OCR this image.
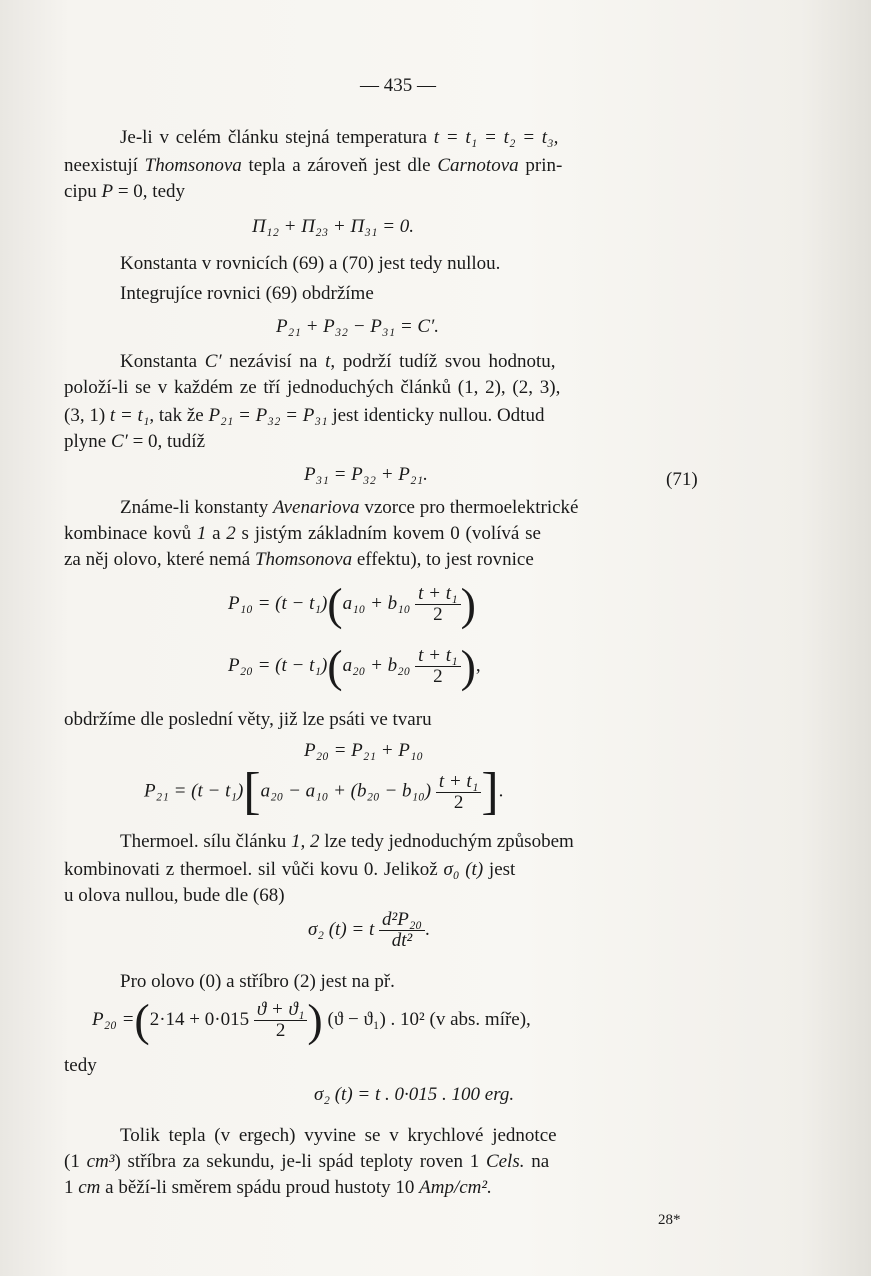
— 435 —
Je-li v celém článku stejná temperatura t = t₁ = t₂ = t₃,
neexistují Thomsonova tepla a zároveň jest dle Carnotova prin-
cipu P = 0, tedy
Π₁₂ + Π₂₃ + Π₃₁ = 0.
Konstanta v rovnicích (69) a (70) jest tedy nullou.
Integrujíce rovnici (69) obdržíme
P₂₁ + P₃₂ − P₃₁ = C′.
Konstanta C′ nezávisí na t, podrží tudíž svou hodnotu,
položí-li se v každém ze tří jednoduchých článků (1, 2), (2, 3),
(3, 1) t = t₁, tak že P₂₁ = P₃₂ = P₃₁ jest identicky nullou. Odtud
plyne C′ = 0, tudíž
P₃₁ = P₃₂ + P₂₁.	(71)
Známe-li konstanty Avenariova vzorce pro thermoelektrické
kombinace kovů 1 a 2 s jistým základním kovem 0 (volívá se
za něj olovo, které nemá Thomsonova effektu), to jest rovnice
$P_{10} = (t - t_1)(a_{10} + b_{10} \frac{\text{t + t₁}}{2}$ )
$P_{20} = (t - t_1)(a_{20} + b_{20} \frac{\text{t + t₁}}{2}$ ),
obdržíme dle poslední věty, již lze psáti ve tvaru
P₂₀ = P₂₁ + P₁₀
$P_{21} = (t - t_1)[a_{20} - a_{10} + (b_{20} - b_{10}) \frac{\text{t + t₁}}{2}$ ].
Thermoel. sílu článku 1, 2 lze tedy jednoduchým způsobem
kombinovati z thermoel. sil vůči kovu 0. Jelikož σ₀ (t) jest
u olova nullou, bude dle (68)
σ₂ (t) = t $\frac{\text{d²P₂₀}}{\text{dt²}}$ .
Pro olovo (0) a stříbro (2) jest na př.
$P_{20} =(2\cdot 14 + 0\cdot 015 \frac{\text{ϑ + ϑ₁}}{2}$ ) (ϑ − ϑ₁) . 10² (v abs. míře),
tedy
σ₂ (t) = t . 0·015 . 100 erg.
Tolik tepla (v ergech) vyvine se v krychlové jednotce
(1 cm³) stříbra za sekundu, je-li spád teploty roven 1 Cels. na
1 cm a běží-li směrem spádu proud hustoty 10 Amp/cm².
28*
